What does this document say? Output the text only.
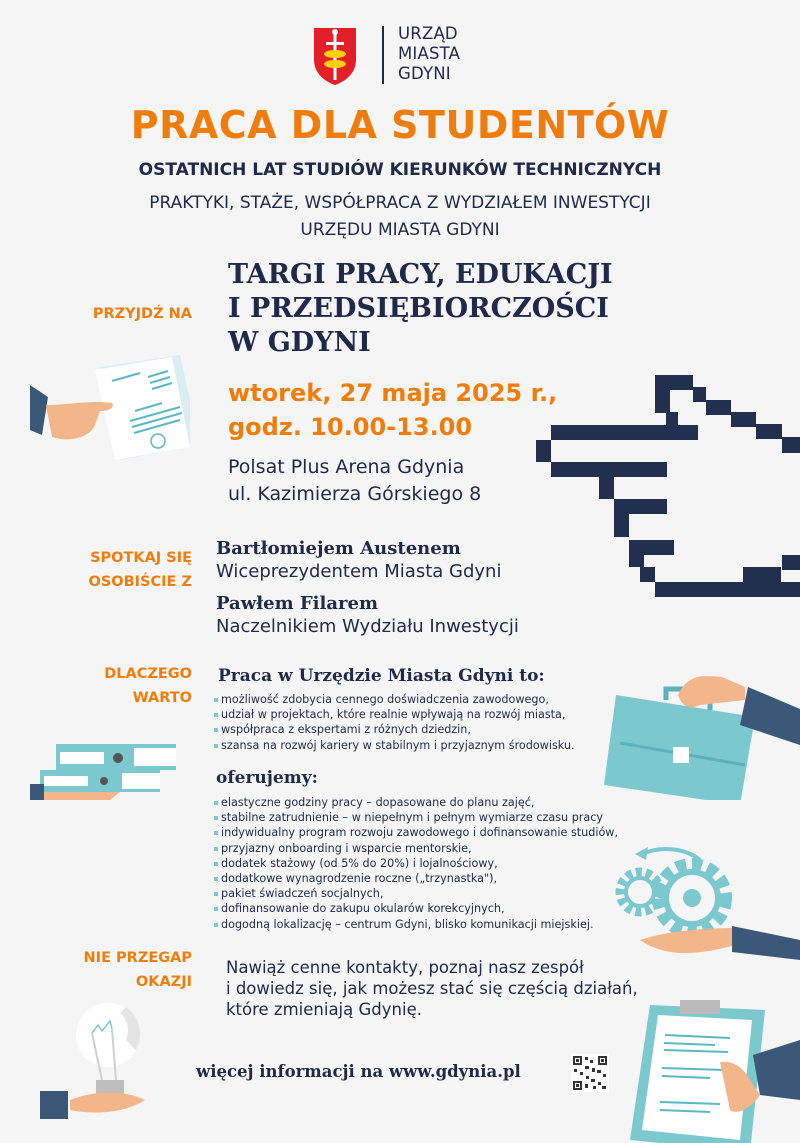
URZĄD
MIASTA
GDYNI
PRACA DLA STUDENTÓW
OSTATNICH LAT STUDIÓW KIERUNKÓW TECHNICZNYCH
PRAKTYKI, STAŻE, WSPÓŁPRACA Z WYDZIAŁEM INWESTYCJI
URZĘDU MIASTA GDYNI
PRZYJDŹ NA
TARGI PRACY, EDUKACJI
I PRZEDSIĘBIORCZOŚCI
W GDYNI
wtorek, 27 maja 2025 r.,
godz. 10.00-13.00
Polsat Plus Arena Gdynia
ul. Kazimierza Górskiego 8
SPOTKAJ SIĘ
OSOBIŚCIE Z
Bartłomiejem Austenem
Wiceprezydentem Miasta Gdyni
Pawłem Filarem
Naczelnikiem Wydziału Inwestycji
DLACZEGO
WARTO
Praca w Urzędzie Miasta Gdyni to:
możliwość zdobycia cennego doświadczenia zawodowego,
udział w projektach, które realnie wpływają na rozwój miasta,
współpraca z ekspertami z różnych dziedzin,
szansa na rozwój kariery w stabilnym i przyjaznym środowisku.
oferujemy:
elastyczne godziny pracy – dopasowane do planu zajęć,
stabilne zatrudnienie – w niepełnym i pełnym wymiarze czasu pracy
indywidualny program rozwoju zawodowego i dofinansowanie studiów,
przyjazny onboarding i wsparcie mentorskie,
dodatek stażowy (od 5% do 20%) i lojalnościowy,
dodatkowe wynagrodzenie roczne („trzynastka"),
pakiet świadczeń socjalnych,
dofinansowanie do zakupu okularów korekcyjnych,
dogodną lokalizację – centrum Gdyni, blisko komunikacji miejskiej.
NIE PRZEGAP
OKAZJI
Nawiąż cenne kontakty, poznaj nasz zespół
i dowiedz się, jak możesz stać się częścią działań,
które zmieniają Gdynię.
więcej informacji na www.gdynia.pl
